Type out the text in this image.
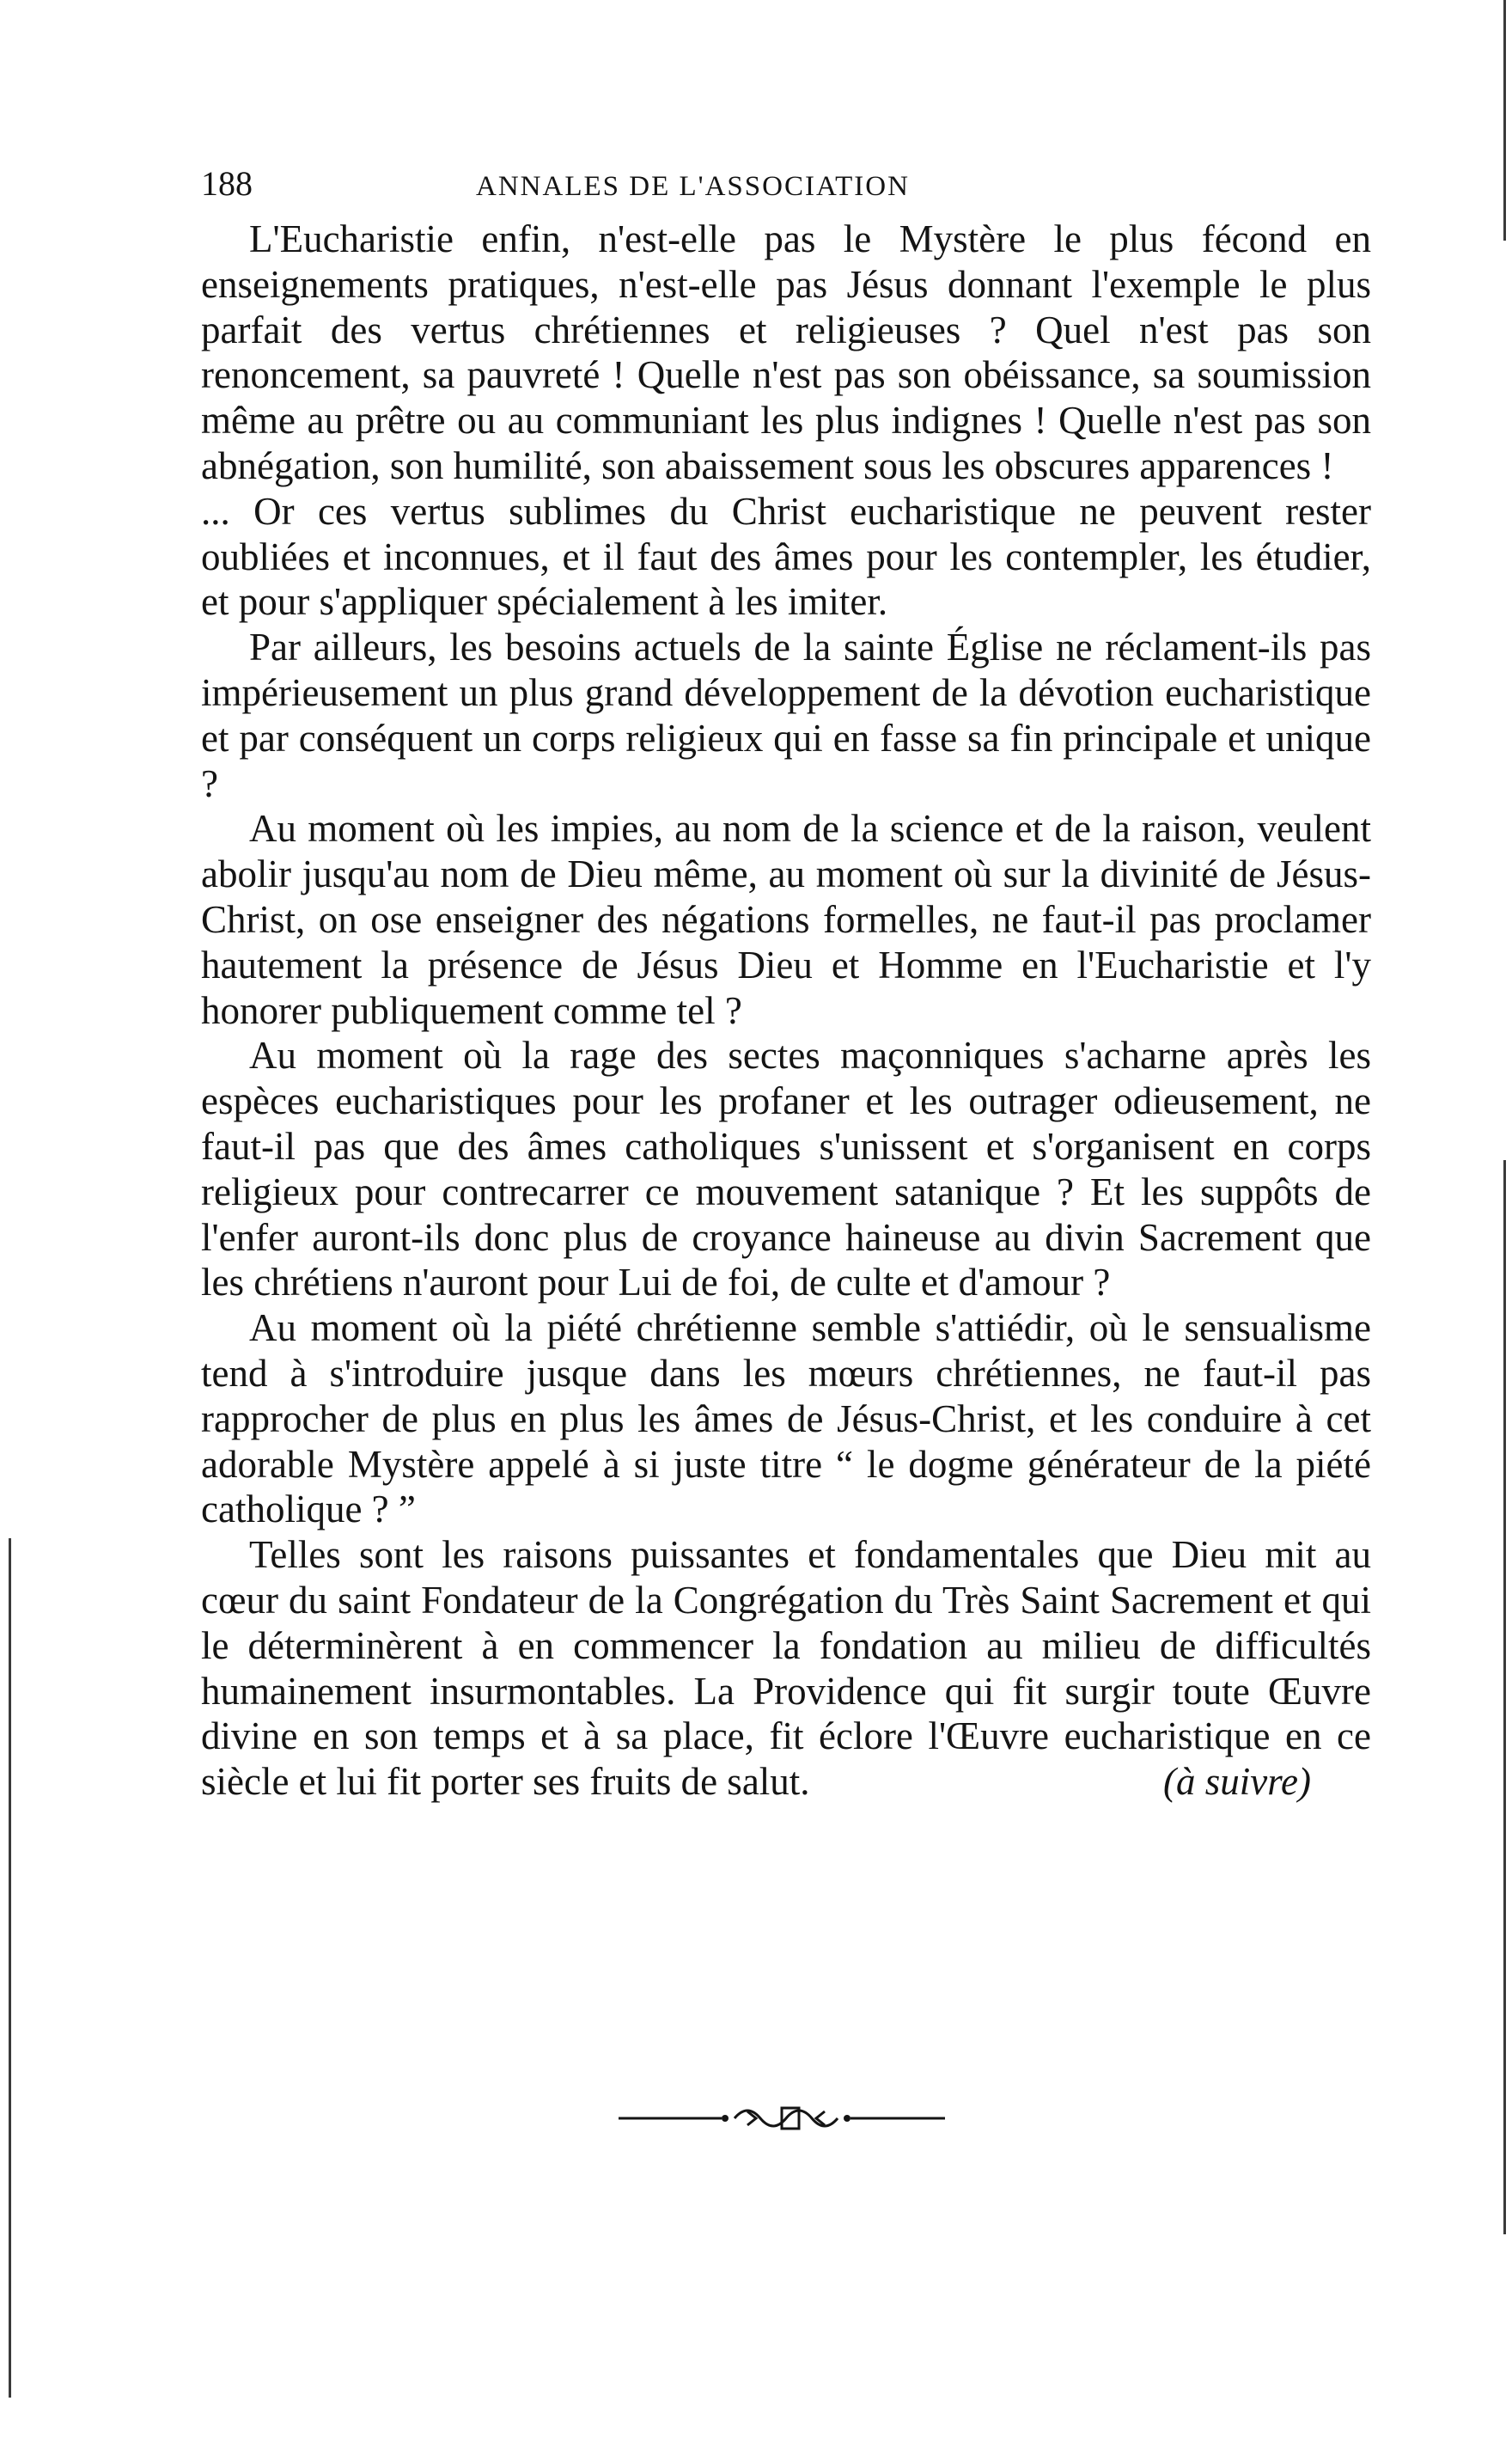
188	ANNALES DE L'ASSOCIATION

L'Eucharistie enfin, n'est-elle pas le Mystère le plus fécond en enseignements pratiques, n'est-elle pas Jésus donnant l'exemple le plus parfait des vertus chrétiennes et religieuses ? Quel n'est pas son renoncement, sa pauvreté ! Quelle n'est pas son obéissance, sa soumission même au prêtre ou au communiant les plus indignes ! Quelle n'est pas son abnégation, son humilité, son abaissement sous les obscures apparences !

... Or ces vertus sublimes du Christ eucharistique ne peuvent rester oubliées et inconnues, et il faut des âmes pour les contempler, les étudier, et pour s'appliquer spécialement à les imiter.

Par ailleurs, les besoins actuels de la sainte Église ne réclament-ils pas impérieusement un plus grand développement de la dévotion eucharistique et par conséquent un corps religieux qui en fasse sa fin principale et unique ?

Au moment où les impies, au nom de la science et de la raison, veulent abolir jusqu'au nom de Dieu même, au moment où sur la divinité de Jésus-Christ, on ose enseigner des négations formelles, ne faut-il pas proclamer hautement la présence de Jésus Dieu et Homme en l'Eucharistie et l'y honorer publiquement comme tel ?

Au moment où la rage des sectes maçonniques s'acharne après les espèces eucharistiques pour les profaner et les outrager odieusement, ne faut-il pas que des âmes catholiques s'unissent et s'organisent en corps religieux pour contrecarrer ce mouvement satanique ? Et les suppôts de l'enfer auront-ils donc plus de croyance haineuse au divin Sacrement que les chrétiens n'auront pour Lui de foi, de culte et d'amour ?

Au moment où la piété chrétienne semble s'attiédir, où le sensualisme tend à s'introduire jusque dans les mœurs chrétiennes, ne faut-il pas rapprocher de plus en plus les âmes de Jésus-Christ, et les conduire à cet adorable Mystère appelé à si juste titre “ le dogme générateur de la piété catholique ? ”

Telles sont les raisons puissantes et fondamentales que Dieu mit au cœur du saint Fondateur de la Congrégation du Très Saint Sacrement et qui le déterminèrent à en commencer la fondation au milieu de difficultés humainement insurmontables. La Providence qui fit surgir toute Œuvre divine en son temps et à sa place, fit éclore l'Œuvre eucharistique en ce siècle et lui fit porter ses fruits de salut.	(à suivre)
